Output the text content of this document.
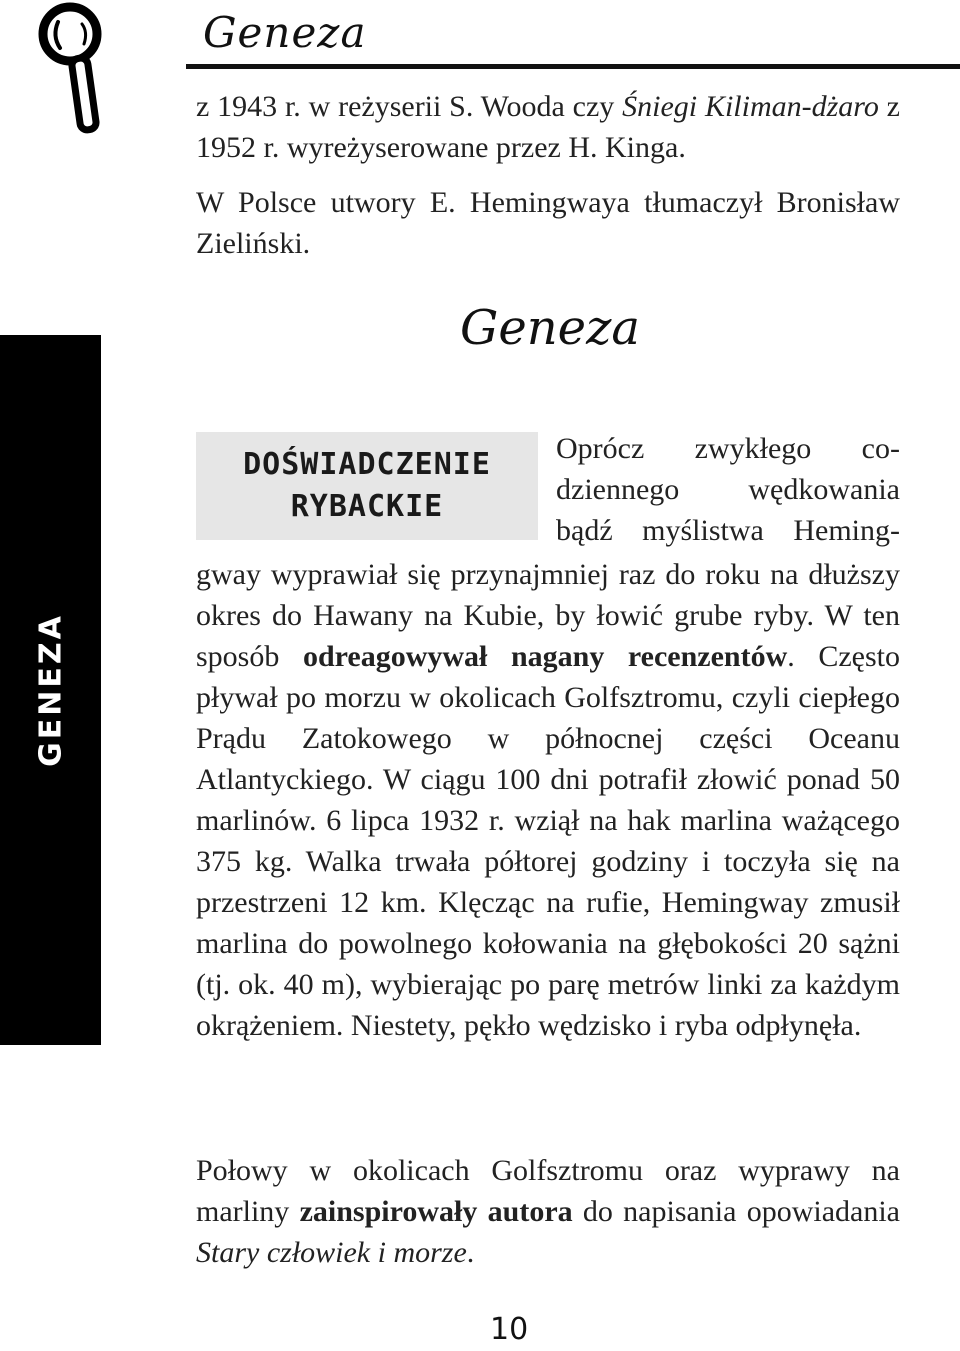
Geneza
GENEZA

z 1943 r. w reżyserii S. Wooda czy Śniegi Kiliman-dżaro z 1952 r. wyreżyserowane przez H. Kinga.

W Polsce utwory E. Hemingwaya tłumaczył Bronisław Zieliński.

Geneza
DOŚWIADCZENIE
RYBACKIE
Oprócz zwykłego co-
dziennego wędkowania
bądź myślistwa Heming-

gway wyprawiał się przynajmniej raz do roku na dłuższy okres do Hawany na Kubie, by łowić grube ryby. W ten sposób odreagowywał nagany recenzentów. Często pływał po morzu w okolicach Golfsztromu, czyli ciepłego Prądu Zatokowego w północnej części Oceanu Atlantyckiego. W ciągu 100 dni potrafił złowić ponad 50 marlinów. 6 lipca 1932 r. wziął na hak marlina ważącego 375 kg. Walka trwała półtorej godziny i toczyła się na przestrzeni 12 km. Klęcząc na rufie, Hemingway zmusił marlina do powolnego kołowania na głębokości 20 sążni (tj. ok. 40 m), wybierając po parę metrów linki za każdym okrążeniem. Niestety, pękło wędzisko i ryba odpłynęła.

Połowy w okolicach Golfsztromu oraz wyprawy na marliny zainspirowały autora do napisania opowiadania Stary człowiek i morze.

10
